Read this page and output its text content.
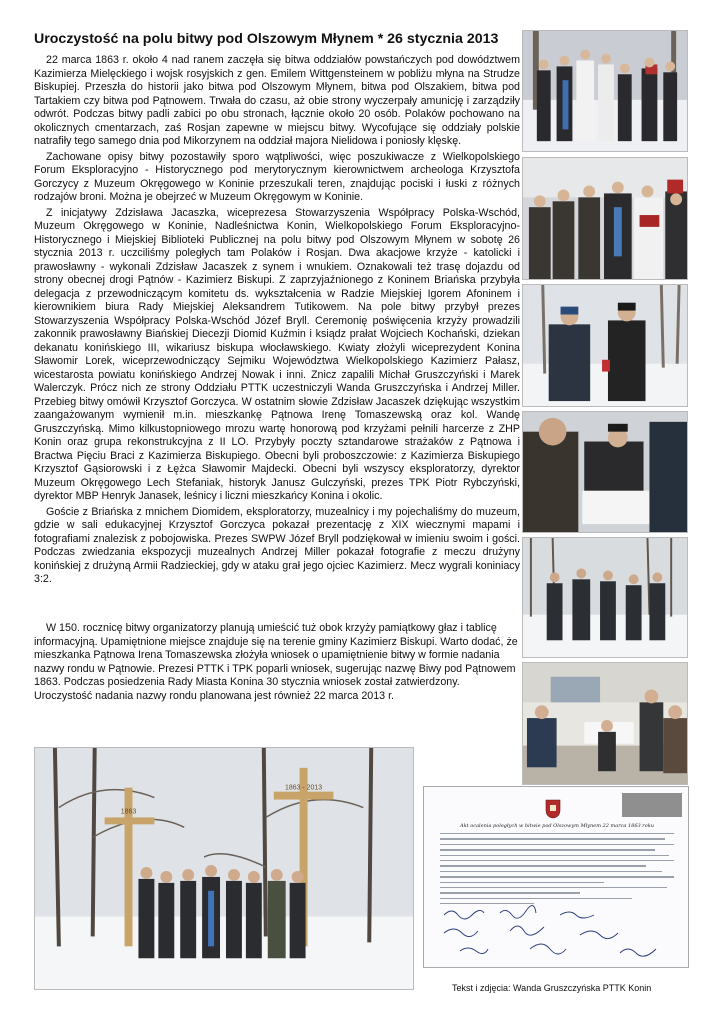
Uroczystość na polu bitwy pod Olszowym Młynem * 26 stycznia 2013

22 marca 1863 r. około 4 nad ranem zaczęła się bitwa oddziałów powstańczych pod dowództwem Kazimierza Mielęckiego i wojsk rosyjskich z gen. Emilem Wittgensteinem w pobliżu młyna na Strudze Biskupiej. Przeszła do historii jako bitwa pod Olszowym Młynem, bitwa pod Olszakiem, bitwa pod Tartakiem czy bitwa pod Pątnowem. Trwała do czasu, aż obie strony wyczerpały amunicję i zarządziły odwrót. Podczas bitwy padli zabici po obu stronach, łącznie około 20 osób. Polaków pochowano na okolicznych cmentarzach, zaś Rosjan zapewne w miejscu bitwy. Wycofujące się oddziały polskie natrafiły tego samego dnia pod Mikorzynem na oddział majora Nielidowa i poniosły klęskę.

Zachowane opisy bitwy pozostawiły sporo wątpliwości, więc poszukiwacze z Wielkopolskiego Forum Eksploracyjno - Historycznego pod merytorycznym kierownictwem archeologa Krzysztofa Gorczycy z Muzeum Okręgowego w Koninie przeszukali teren, znajdując pociski i łuski z różnych rodzajów broni. Można je obejrzeć w Muzeum Okręgowym w Koninie.

Z inicjatywy Zdzisława Jacaszka, wiceprezesa Stowarzyszenia Współpracy Polska-Wschód, Muzeum Okręgowego w Koninie, Nadleśnictwa Konin, Wielkopolskiego Forum Eksploracyjno-Historycznego i Miejskiej Biblioteki Publicznej na polu bitwy pod Olszowym Młynem w sobotę 26 stycznia 2013 r. uczciliśmy poległych tam Polaków i Rosjan. Dwa akacjowe krzyże - katolicki i prawosławny - wykonali Zdzisław Jacaszek z synem i wnukiem. Oznakowali też trasę dojazdu od strony obecnej drogi Pątnów - Kazimierz Biskupi. Z zaprzyjaźnionego z Koninem Briańska przybyła delegacja z przewodniczącym komitetu ds. wykształcenia w Radzie Miejskiej Igorem Afoninem i kierownikiem biura Rady Miejskiej Aleksandrem Tutikowem. Na pole bitwy przybył prezes Stowarzyszenia Współpracy Polska-Wschód Józef Bryll. Ceremonię poświęcenia krzyży prowadzili zakonnik prawosławny Biańskiej Diecezji Diomid Kuźmin i ksiądz prałat Wojciech Kochański, dziekan dekanatu konińskiego III, wikariusz biskupa włocławskiego. Kwiaty złożyli wiceprezydent Konina Sławomir Lorek, wiceprzewodniczący Sejmiku Województwa Wielkopolskiego Kazimierz Pałasz, wicestarosta powiatu konińskiego Andrzej Nowak i inni. Znicz zapalili Michał Gruszczyński i Marek Walerczyk. Prócz nich ze strony Oddziału PTTK uczestniczyli Wanda Gruszczyńska i Andrzej Miller. Przebieg bitwy omówił Krzysztof Gorczyca. W ostatnim słowie Zdzisław Jacaszek dziękując wszystkim zaangażowanym wymienił m.in. mieszkankę Pątnowa Irenę Tomaszewską oraz kol. Wandę Gruszczyńską. Mimo kilkustopniowego mrozu wartę honorową pod krzyżami pełnili harcerze z ZHP Konin oraz grupa rekonstrukcyjna z II LO. Przybyły poczty sztandarowe strażaków z Pątnowa i Bractwa Pięciu Braci z Kazimierza Biskupiego. Obecni byli proboszczowie: z Kazimierza Biskupiego Krzysztof Gąsiorowski i z Łężca Sławomir Majdecki. Obecni byli wszyscy eksploratorzy, dyrektor Muzeum Okręgowego Lech Stefaniak, historyk Janusz Gulczyński, prezes TPK Piotr Rybczyński, dyrektor MBP Henryk Janasek, leśnicy i liczni mieszkańcy Konina i okolic.

Goście z Briańska z mnichem Diomidem, eksploratorzy, muzealnicy i my pojechaliśmy do muzeum, gdzie w sali edukacyjnej Krzysztof Gorczyca pokazał prezentację z XIX wiecznymi mapami i fotografiami znalezisk z pobojowiska. Prezes SWPW Józef Bryll podziękował w imieniu swoim i gości. Podczas zwiedzania ekspozycji muzealnych Andrzej Miller pokazał fotografie z meczu drużyny konińskiej z drużyną Armii Radzieckiej, gdy w ataku grał jego ojciec Kazimierz. Mecz wygrali koniniacy 3:2.

W 150. rocznicę bitwy organizatorzy planują umieścić tuż obok krzyży pamiątkowy głaz i tablicę informacyjną. Upamiętnione miejsce znajduje się na terenie gminy Kazimierz Biskupi. Warto dodać, że mieszkanka Pątnowa Irena Tomaszewska złożyła wniosek o upamiętnienie bitwy w formie nadania nazwy rondu w Pątnowie. Prezesi PTTK i TPK poparli wniosek, sugerując nazwę Biwy pod Pątnowem 1863. Podczas posiedzenia Rady Miasta Konina 30 stycznia wniosek został zatwierdzony. Uroczystość nadania nazwy rondu planowana jest również 22 marca 2013 r.

1863
1863 - 2013
Akt ocalenia poległych w bitwie pod Olszowym Młynem 22 marca 1863 roku
Tekst i zdjęcia: Wanda Gruszczyńska PTTK Konin
